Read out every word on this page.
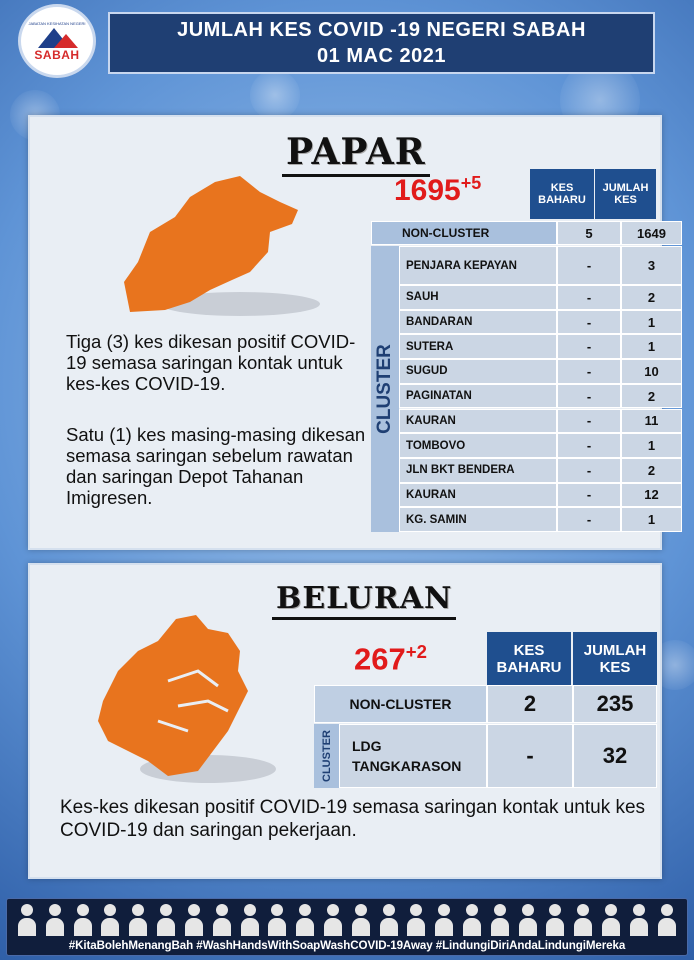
JABATAN KESIHATAN NEGERI
SABAH
JUMLAH KES COVID -19 NEGERI SABAH
01 MAC 2021
PAPAR
$1695^{+5}$	KES BAHARU
JUMLAH KES
NON-CLUSTER	5	1649
CLUSTER
PENJARA KEPAYAN	-	3
SAUH	-	2
BANDARAN	-	1
SUTERA	-	1
SUGUD	-	10
PAGINATAN	-	2
KAURAN	-	11
TOMBOVO	-	1
JLN BKT BENDERA	-	2
KAURAN	-	12
KG. SAMIN	-	1
Tiga (3) kes dikesan positif COVID-19 semasa saringan kontak untuk kes-kes COVID-19.
Satu (1) kes masing-masing dikesan semasa saringan sebelum rawatan dan saringan Depot Tahanan Imigresen.
BELURAN
$267^{+2}$	KES BAHARU
JUMLAH KES
NON-CLUSTER	2	235
CLUSTER	LDG TANGKARASON	-	32
Kes-kes dikesan positif COVID-19 semasa saringan kontak untuk kes COVID-19 dan saringan pekerjaan.
#KitaBolehMenangBah #WashHandsWithSoapWashCOVID-19Away #LindungiDiriAndaLindungiMereka
